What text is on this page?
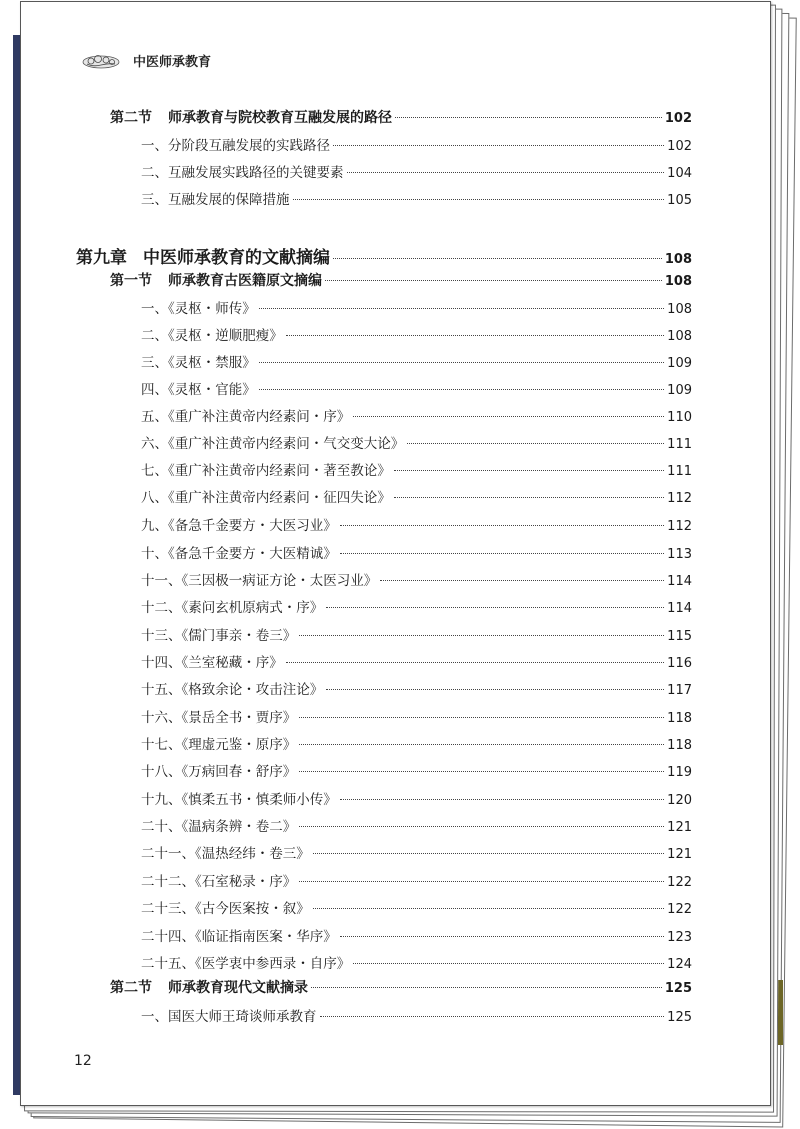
中医师承教育
第二节 师承教育与院校教育互融发展的路径	102
一、分阶段互融发展的实践路径	102
二、互融发展实践路径的关键要素	104
三、互融发展的保障措施	105
第九章 中医师承教育的文献摘编	108
第一节 师承教育古医籍原文摘编	108
一、《灵枢・师传》	108
二、《灵枢・逆顺肥瘦》	108
三、《灵枢・禁服》	109
四、《灵枢・官能》	109
五、《重广补注黄帝内经素问・序》	110
六、《重广补注黄帝内经素问・气交变大论》	111
七、《重广补注黄帝内经素问・著至教论》	111
八、《重广补注黄帝内经素问・征四失论》	112
九、《备急千金要方・大医习业》	112
十、《备急千金要方・大医精诚》	113
十一、《三因极一病证方论・太医习业》	114
十二、《素问玄机原病式・序》	114
十三、《儒门事亲・卷三》	115
十四、《兰室秘藏・序》	116
十五、《格致余论・攻击注论》	117
十六、《景岳全书・贾序》	118
十七、《理虚元鉴・原序》	118
十八、《万病回春・舒序》	119
十九、《慎柔五书・慎柔师小传》	120
二十、《温病条辨・卷二》	121
二十一、《温热经纬・卷三》	121
二十二、《石室秘录・序》	122
二十三、《古今医案按・叙》	122
二十四、《临证指南医案・华序》	123
二十五、《医学衷中参西录・自序》	124
第二节 师承教育现代文献摘录	125
一、国医大师王琦谈师承教育	125
12
